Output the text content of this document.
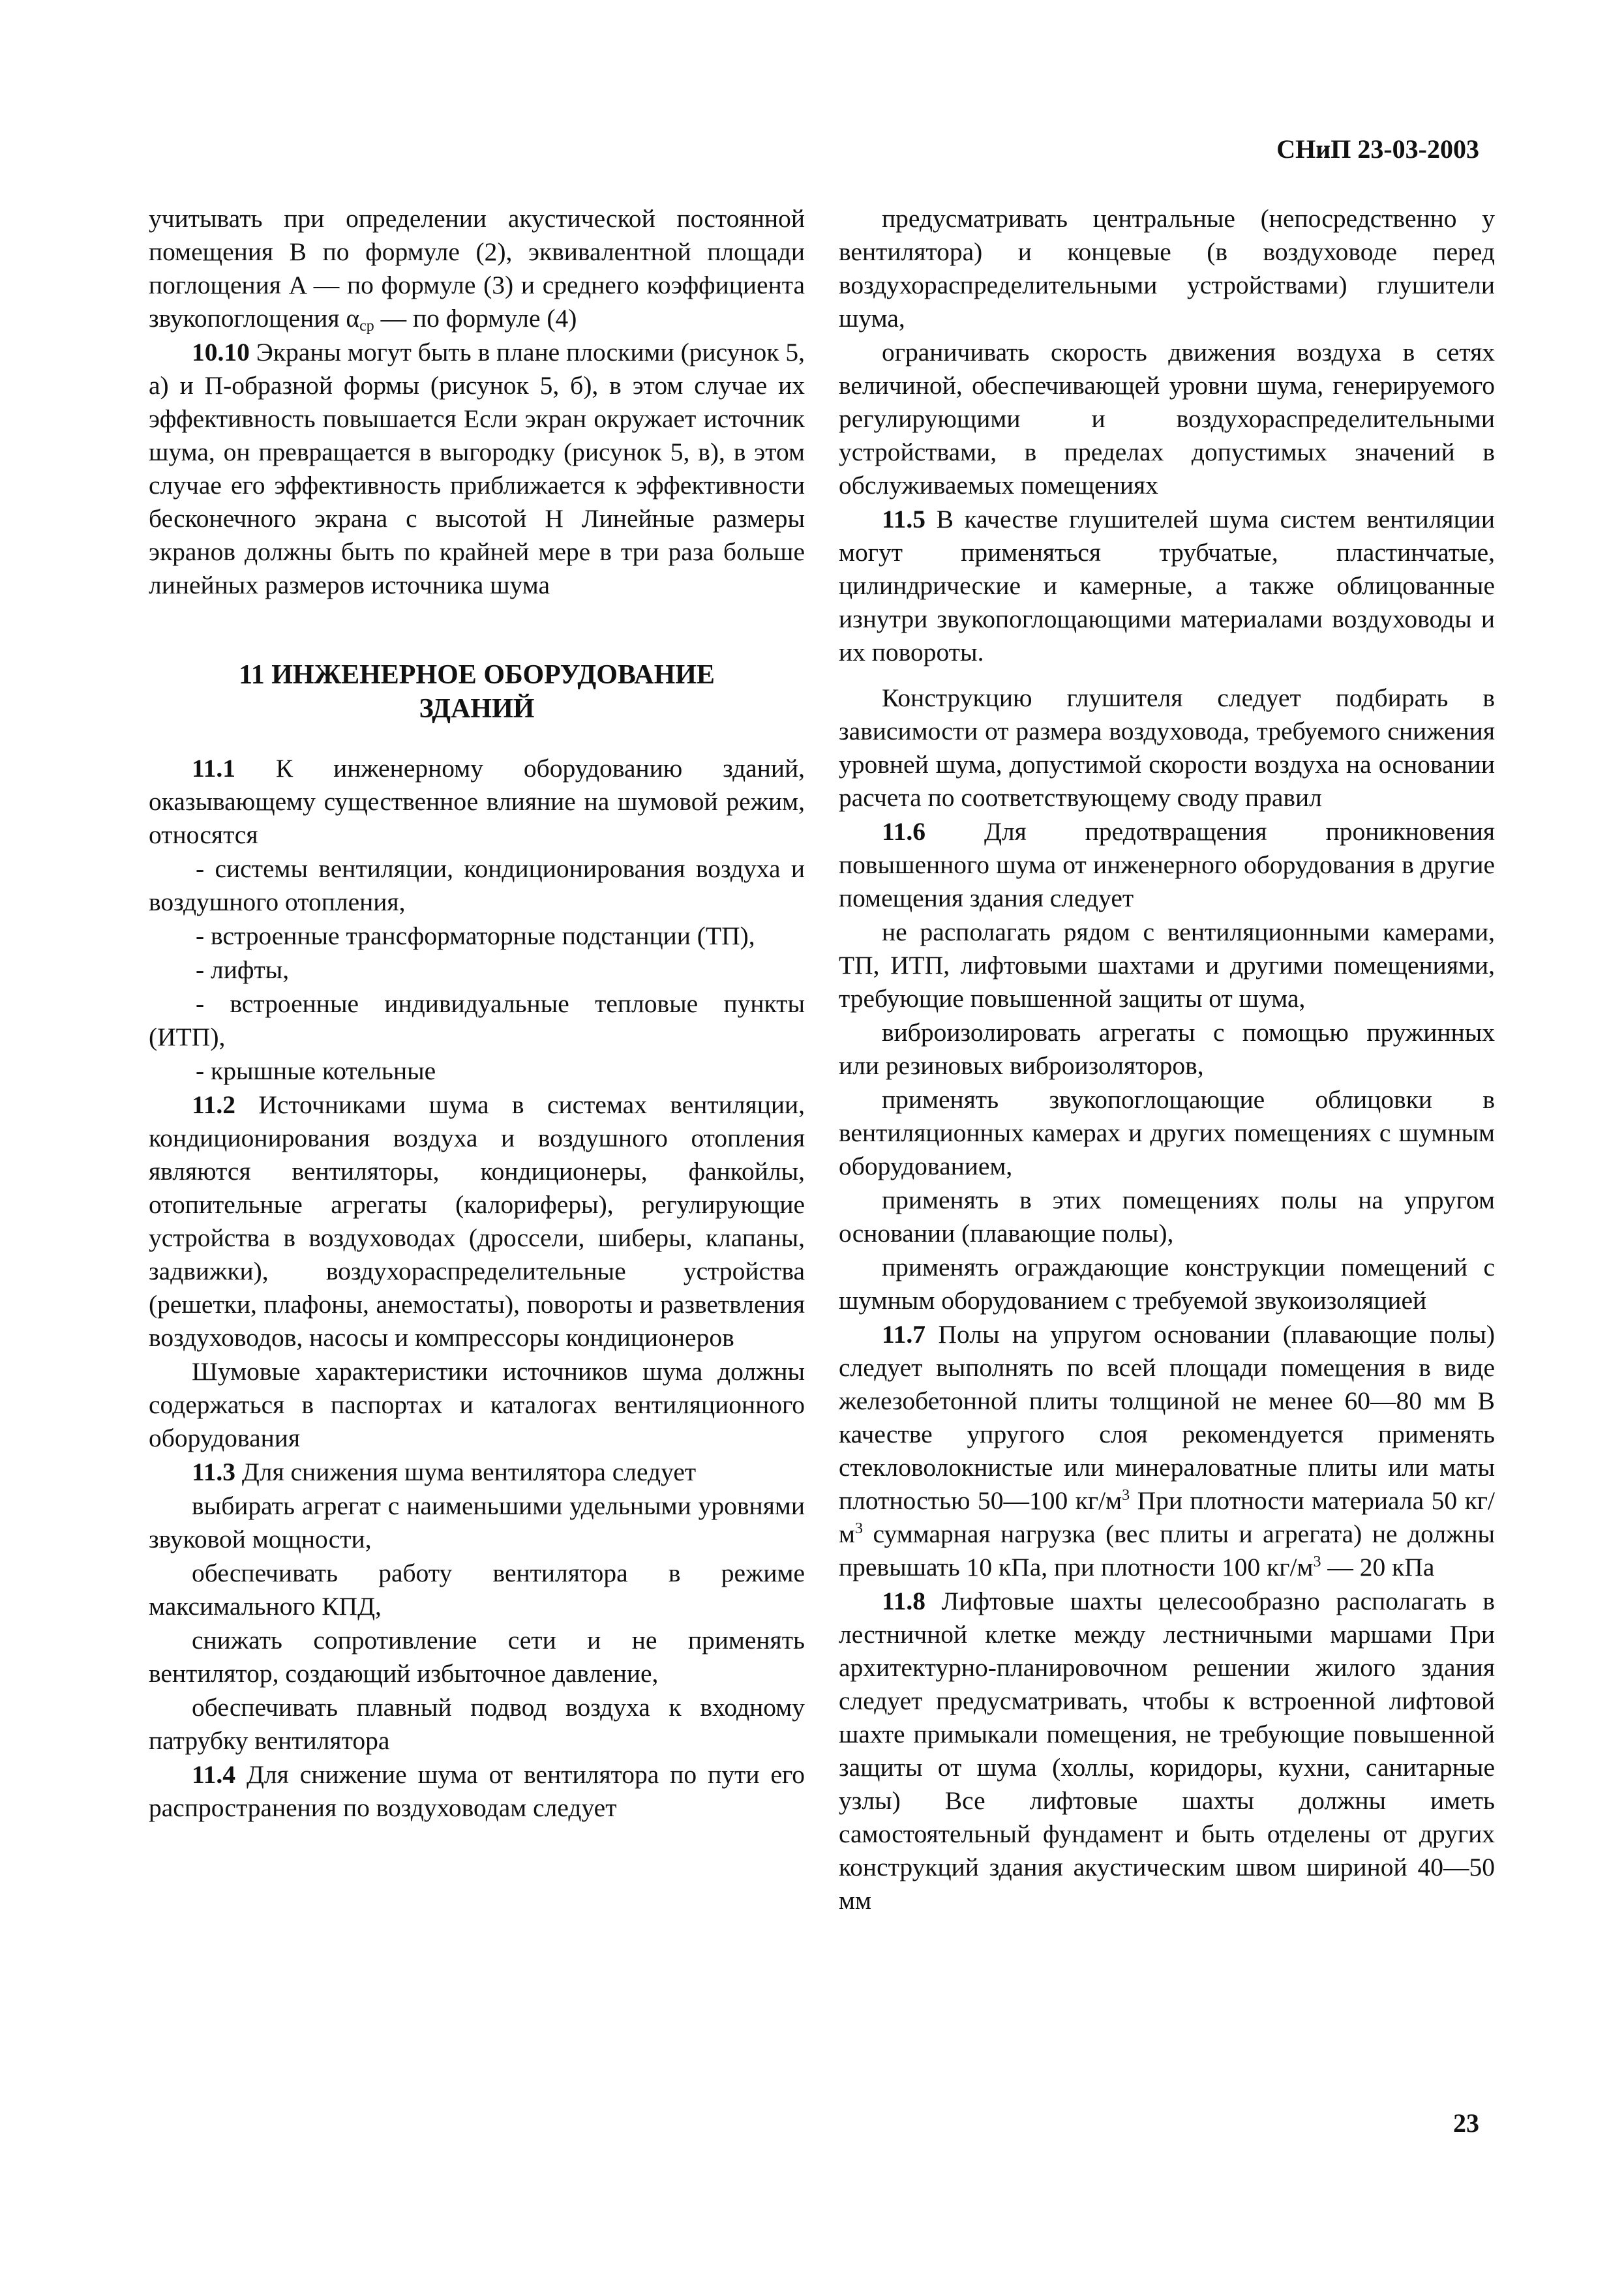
СНиП 23-03-2003

учитывать при определении акустической постоянной помещения B по формуле (2), эквивалентной площади поглощения A — по формуле (3) и среднего коэффициента звукопоглощения $\alpha_{ср}$ — по формуле (4)

10.10 Экраны могут быть в плане плоскими (рисунок 5, а) и П-образной формы (рисунок 5, б), в этом случае их эффективность повышается Если экран окружает источник шума, он превращается в выгородку (рисунок 5, в), в этом случае его эффективность приближается к эффективности бесконечного экрана с высотой H Линейные размеры экранов должны быть по крайней мере в три раза больше линейных размеров источника шума

11 ИНЖЕНЕРНОЕ ОБОРУДОВАНИЕ ЗДАНИЙ

11.1 К инженерному оборудованию зданий, оказывающему существенное влияние на шумовой режим, относятся

- системы вентиляции, кондиционирования воздуха и воздушного отопления,

- встроенные трансформаторные подстанции (ТП),

- лифты,

- встроенные индивидуальные тепловые пункты (ИТП),

- крышные котельные

11.2 Источниками шума в системах вентиляции, кондиционирования воздуха и воздушного отопления являются вентиляторы, кондиционеры, фанкойлы, отопительные агрегаты (калориферы), регулирующие устройства в воздуховодах (дроссели, шиберы, клапаны, задвижки), воздухораспределительные устройства (решетки, плафоны, анемостаты), повороты и разветвления воздуховодов, насосы и компрессоры кондиционеров

Шумовые характеристики источников шума должны содержаться в паспортах и каталогах вентиляционного оборудования

11.3 Для снижения шума вентилятора следует

выбирать агрегат с наименьшими удельными уровнями звуковой мощности,

обеспечивать работу вентилятора в режиме максимального КПД,

снижать сопротивление сети и не применять вентилятор, создающий избыточное давление,

обеспечивать плавный подвод воздуха к входному патрубку вентилятора

11.4 Для снижение шума от вентилятора по пути его распространения по воздуховодам следует

предусматривать центральные (непосредственно у вентилятора) и концевые (в воздуховоде перед воздухораспределительными устройствами) глушители шума,

ограничивать скорость движения воздуха в сетях величиной, обеспечивающей уровни шума, генерируемого регулирующими и воздухораспределительными устройствами, в пределах допустимых значений в обслуживаемых помещениях

11.5 В качестве глушителей шума систем вентиляции могут применяться трубчатые, пластинчатые, цилиндрические и камерные, а также облицованные изнутри звукопоглощающими материалами воздуховоды и их повороты.

Конструкцию глушителя следует подбирать в зависимости от размера воздуховода, требуемого снижения уровней шума, допустимой скорости воздуха на основании расчета по соответствующему своду правил

11.6 Для предотвращения проникновения повышенного шума от инженерного оборудования в другие помещения здания следует

не располагать рядом с вентиляционными камерами, ТП, ИТП, лифтовыми шахтами и другими помещениями, требующие повышенной защиты от шума,

виброизолировать агрегаты с помощью пружинных или резиновых виброизоляторов,

применять звукопоглощающие облицовки в вентиляционных камерах и других помещениях с шумным оборудованием,

применять в этих помещениях полы на упругом основании (плавающие полы),

применять ограждающие конструкции помещений с шумным оборудованием с требуемой звукоизоляцией

11.7 Полы на упругом основании (плавающие полы) следует выполнять по всей площади помещения в виде железобетонной плиты толщиной не менее 60—80 мм В качестве упругого слоя рекомендуется применять стекловолокнистые или минераловатные плиты или маты плотностью 50—100 $кг/м^3$ При плотности материала 50 $кг/м^3$ суммарная нагрузка (вес плиты и агрегата) не должны превышать 10 кПа, при плотности 100 $кг/м^3$ — 20 кПа

11.8 Лифтовые шахты целесообразно располагать в лестничной клетке между лестничными маршами При архитектурно-планировочном решении жилого здания следует предусматривать, чтобы к встроенной лифтовой шахте примыкали помещения, не требующие повышенной защиты от шума (холлы, коридоры, кухни, санитарные узлы) Все лифтовые шахты должны иметь самостоятельный фундамент и быть отделены от других конструкций здания акустическим швом шириной 40—50 мм

23
